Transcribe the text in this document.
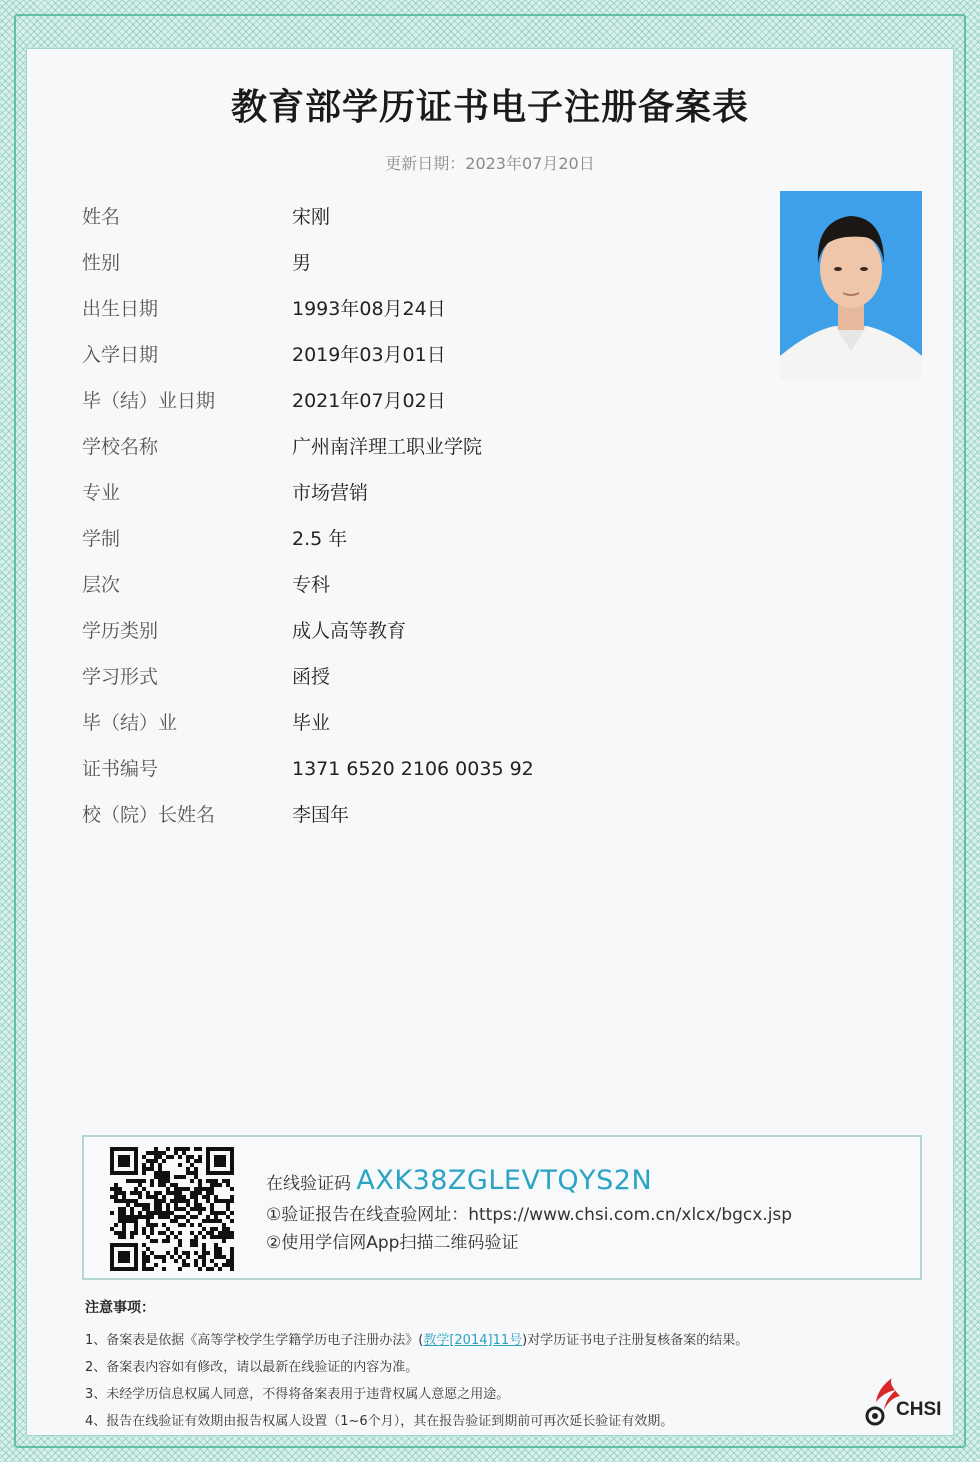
教育部学历证书电子注册备案表
更新日期：2023年07月20日
姓名	宋刚
性别	男
出生日期	1993年08月24日
入学日期	2019年03月01日
毕（结）业日期	2021年07月02日
学校名称	广州南洋理工职业学院
专业	市场营销
学制	2.5 年
层次	专科
学历类别	成人高等教育
学习形式	函授
毕（结）业	毕业
证书编号	1371 6520 2106 0035 92
校（院）长姓名	李国年
在线验证码 AXK38ZGLEVTQYS2N
①验证报告在线查验网址：https://www.chsi.com.cn/xlcx/bgcx.jsp
②使用学信网App扫描二维码验证
注意事项：
1、备案表是依据《高等学校学生学籍学历电子注册办法》(教学[2014]11号)对学历证书电子注册复核备案的结果。
2、备案表内容如有修改，请以最新在线验证的内容为准。
3、未经学历信息权属人同意，不得将备案表用于违背权属人意愿之用途。
4、报告在线验证有效期由报告权属人设置（1~6个月），其在报告验证到期前可再次延长验证有效期。
CHSI
